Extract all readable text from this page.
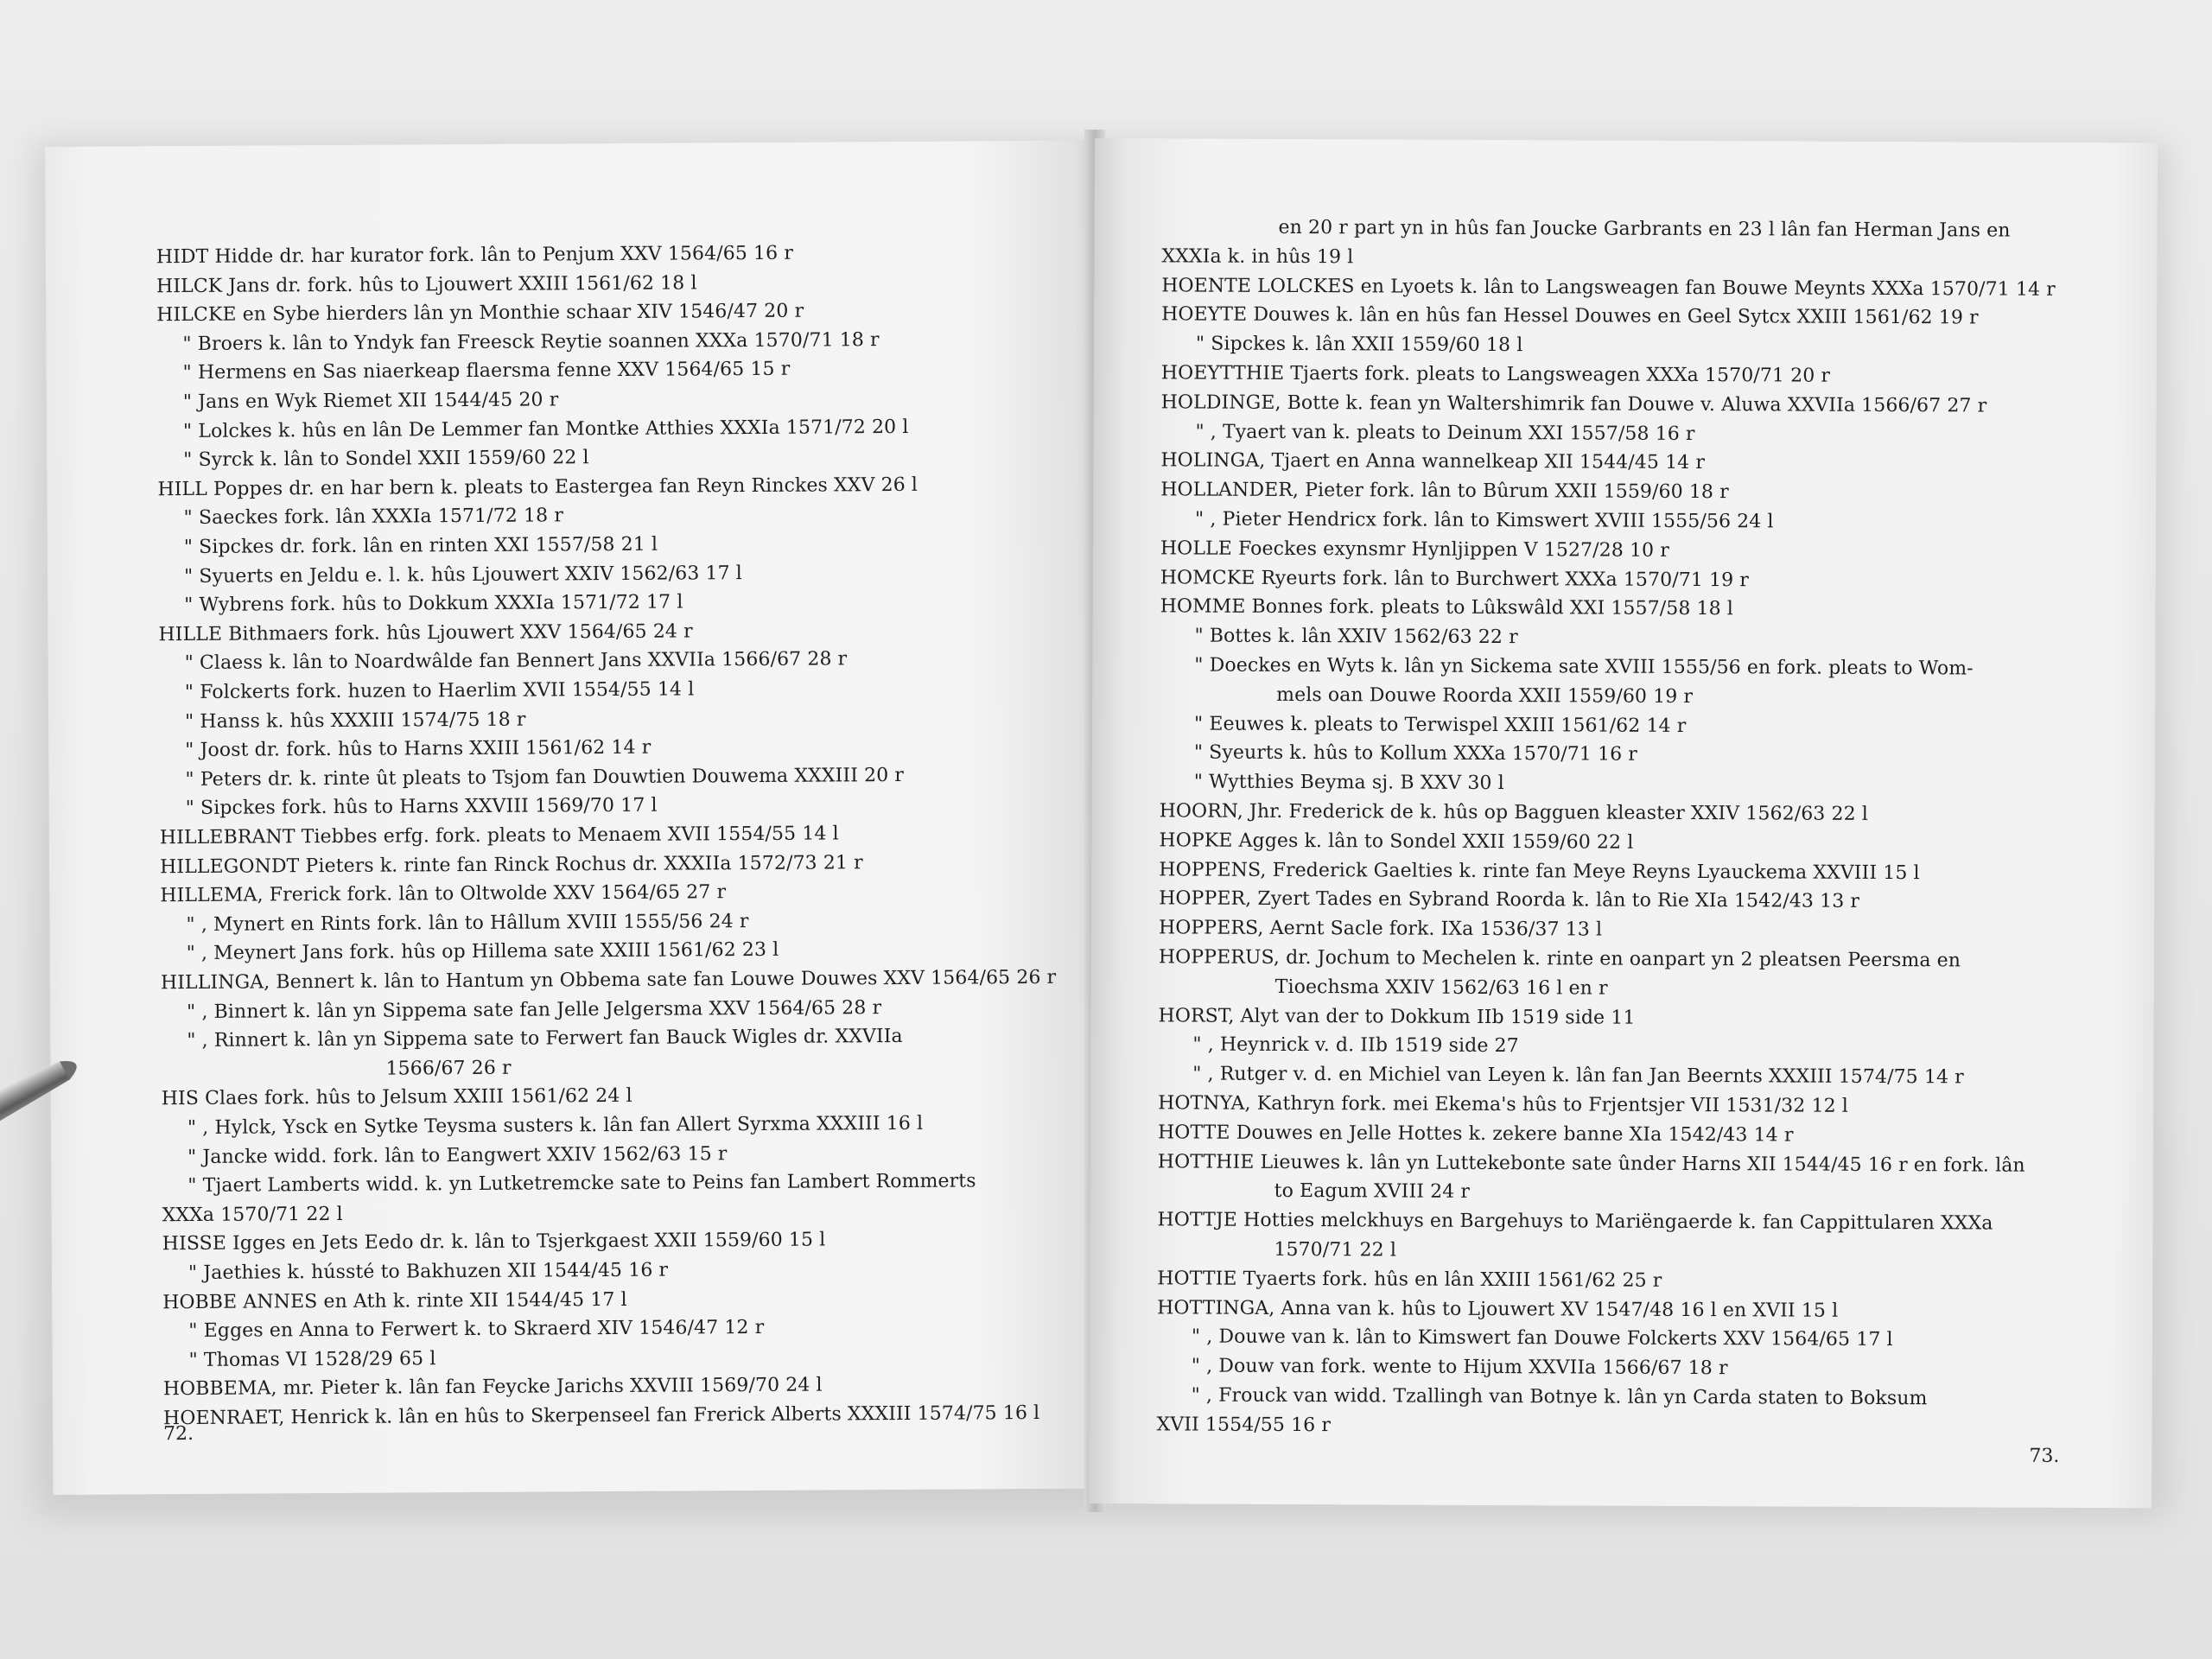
HIDT Hidde dr. har kurator fork. lân to Penjum XXV 1564/65 16 r
HILCK Jans dr. fork. hûs to Ljouwert XXIII 1561/62 18 l
HILCKE en Sybe hierders lân yn Monthie schaar XIV 1546/47 20 r
" Broers k. lân to Yndyk fan Freesck Reytie soannen XXXa 1570/71 18 r
" Hermens en Sas niaerkeap flaersma fenne XXV 1564/65 15 r
" Jans en Wyk Riemet XII 1544/45 20 r
" Lolckes k. hûs en lân De Lemmer fan Montke Atthies XXXIa 1571/72 20 l
" Syrck k. lân to Sondel XXII 1559/60 22 l
HILL Poppes dr. en har bern k. pleats to Eastergea fan Reyn Rinckes XXV 26 l
" Saeckes fork. lân XXXIa 1571/72 18 r
" Sipckes dr. fork. lân en rinten XXI 1557/58 21 l
" Syuerts en Jeldu e. l. k. hûs Ljouwert XXIV 1562/63 17 l
" Wybrens fork. hûs to Dokkum XXXIa 1571/72 17 l
HILLE Bithmaers fork. hûs Ljouwert XXV 1564/65 24 r
" Claess k. lân to Noardwâlde fan Bennert Jans XXVIIa 1566/67 28 r
" Folckerts fork. huzen to Haerlim XVII 1554/55 14 l
" Hanss k. hûs XXXIII 1574/75 18 r
" Joost dr. fork. hûs to Harns XXIII 1561/62 14 r
" Peters dr. k. rinte ût pleats to Tsjom fan Douwtien Douwema XXXIII 20 r
" Sipckes fork. hûs to Harns XXVIII 1569/70 17 l
HILLEBRANT Tiebbes erfg. fork. pleats to Menaem XVII 1554/55 14 l
HILLEGONDT Pieters k. rinte fan Rinck Rochus dr. XXXIIa 1572/73 21 r
HILLEMA, Frerick fork. lân to Oltwolde XXV 1564/65 27 r
" , Mynert en Rints fork. lân to Hâllum XVIII 1555/56 24 r
" , Meynert Jans fork. hûs op Hillema sate XXIII 1561/62 23 l
HILLINGA, Bennert k. lân to Hantum yn Obbema sate fan Louwe Douwes XXV 1564/65 26 r
" , Binnert k. lân yn Sippema sate fan Jelle Jelgersma XXV 1564/65 28 r
" , Rinnert k. lân yn Sippema sate to Ferwert fan Bauck Wigles dr. XXVIIa
1566/67 26 r
HIS Claes fork. hûs to Jelsum XXIII 1561/62 24 l
" , Hylck, Ysck en Sytke Teysma susters k. lân fan Allert Syrxma XXXIII 16 l
" Jancke widd. fork. lân to Eangwert XXIV 1562/63 15 r
" Tjaert Lamberts widd. k. yn Lutketremcke sate to Peins fan Lambert Rommerts
XXXa 1570/71 22 l
HISSE Igges en Jets Eedo dr. k. lân to Tsjerkgaest XXII 1559/60 15 l
" Jaethies k. hússté to Bakhuzen XII 1544/45 16 r
HOBBE ANNES en Ath k. rinte XII 1544/45 17 l
" Egges en Anna to Ferwert k. to Skraerd XIV 1546/47 12 r
" Thomas VI 1528/29 65 l
HOBBEMA, mr. Pieter k. lân fan Feycke Jarichs XXVIII 1569/70 24 l
HOENRAET, Henrick k. lân en hûs to Skerpenseel fan Frerick Alberts XXXIII 1574/75 16 l
72.
en 20 r part yn in hûs fan Joucke Garbrants en 23 l lân fan Herman Jans en
XXXIa k. in hûs 19 l
HOENTE LOLCKES en Lyoets k. lân to Langsweagen fan Bouwe Meynts XXXa 1570/71 14 r
HOEYTE Douwes k. lân en hûs fan Hessel Douwes en Geel Sytcx XXIII 1561/62 19 r
" Sipckes k. lân XXII 1559/60 18 l
HOEYTTHIE Tjaerts fork. pleats to Langsweagen XXXa 1570/71 20 r
HOLDINGE, Botte k. fean yn Waltershimrik fan Douwe v. Aluwa XXVIIa 1566/67 27 r
" , Tyaert van k. pleats to Deinum XXI 1557/58 16 r
HOLINGA, Tjaert en Anna wannelkeap XII 1544/45 14 r
HOLLANDER, Pieter fork. lân to Bûrum XXII 1559/60 18 r
" , Pieter Hendricx fork. lân to Kimswert XVIII 1555/56 24 l
HOLLE Foeckes exynsmr Hynljippen V 1527/28 10 r
HOMCKE Ryeurts fork. lân to Burchwert XXXa 1570/71 19 r
HOMME Bonnes fork. pleats to Lûkswâld XXI 1557/58 18 l
" Bottes k. lân XXIV 1562/63 22 r
" Doeckes en Wyts k. lân yn Sickema sate XVIII 1555/56 en fork. pleats to Wom-
mels oan Douwe Roorda XXII 1559/60 19 r
" Eeuwes k. pleats to Terwispel XXIII 1561/62 14 r
" Syeurts k. hûs to Kollum XXXa 1570/71 16 r
" Wytthies Beyma sj. B XXV 30 l
HOORN, Jhr. Frederick de k. hûs op Bagguen kleaster XXIV 1562/63 22 l
HOPKE Agges k. lân to Sondel XXII 1559/60 22 l
HOPPENS, Frederick Gaelties k. rinte fan Meye Reyns Lyauckema XXVIII 15 l
HOPPER, Zyert Tades en Sybrand Roorda k. lân to Rie XIa 1542/43 13 r
HOPPERS, Aernt Sacle fork. IXa 1536/37 13 l
HOPPERUS, dr. Jochum to Mechelen k. rinte en oanpart yn 2 pleatsen Peersma en
Tioechsma XXIV 1562/63 16 l en r
HORST, Alyt van der to Dokkum IIb 1519 side 11
" , Heynrick v. d. IIb 1519 side 27
" , Rutger v. d. en Michiel van Leyen k. lân fan Jan Beernts XXXIII 1574/75 14 r
HOTNYA, Kathryn fork. mei Ekema's hûs to Frjentsjer VII 1531/32 12 l
HOTTE Douwes en Jelle Hottes k. zekere banne XIa 1542/43 14 r
HOTTHIE Lieuwes k. lân yn Luttekebonte sate ûnder Harns XII 1544/45 16 r en fork. lân
to Eagum XVIII 24 r
HOTTJE Hotties melckhuys en Bargehuys to Mariëngaerde k. fan Cappittularen XXXa
1570/71 22 l
HOTTIE Tyaerts fork. hûs en lân XXIII 1561/62 25 r
HOTTINGA, Anna van k. hûs to Ljouwert XV 1547/48 16 l en XVII 15 l
" , Douwe van k. lân to Kimswert fan Douwe Folckerts XXV 1564/65 17 l
" , Douw van fork. wente to Hijum XXVIIa 1566/67 18 r
" , Frouck van widd. Tzallingh van Botnye k. lân yn Carda staten to Boksum
XVII 1554/55 16 r
73.
